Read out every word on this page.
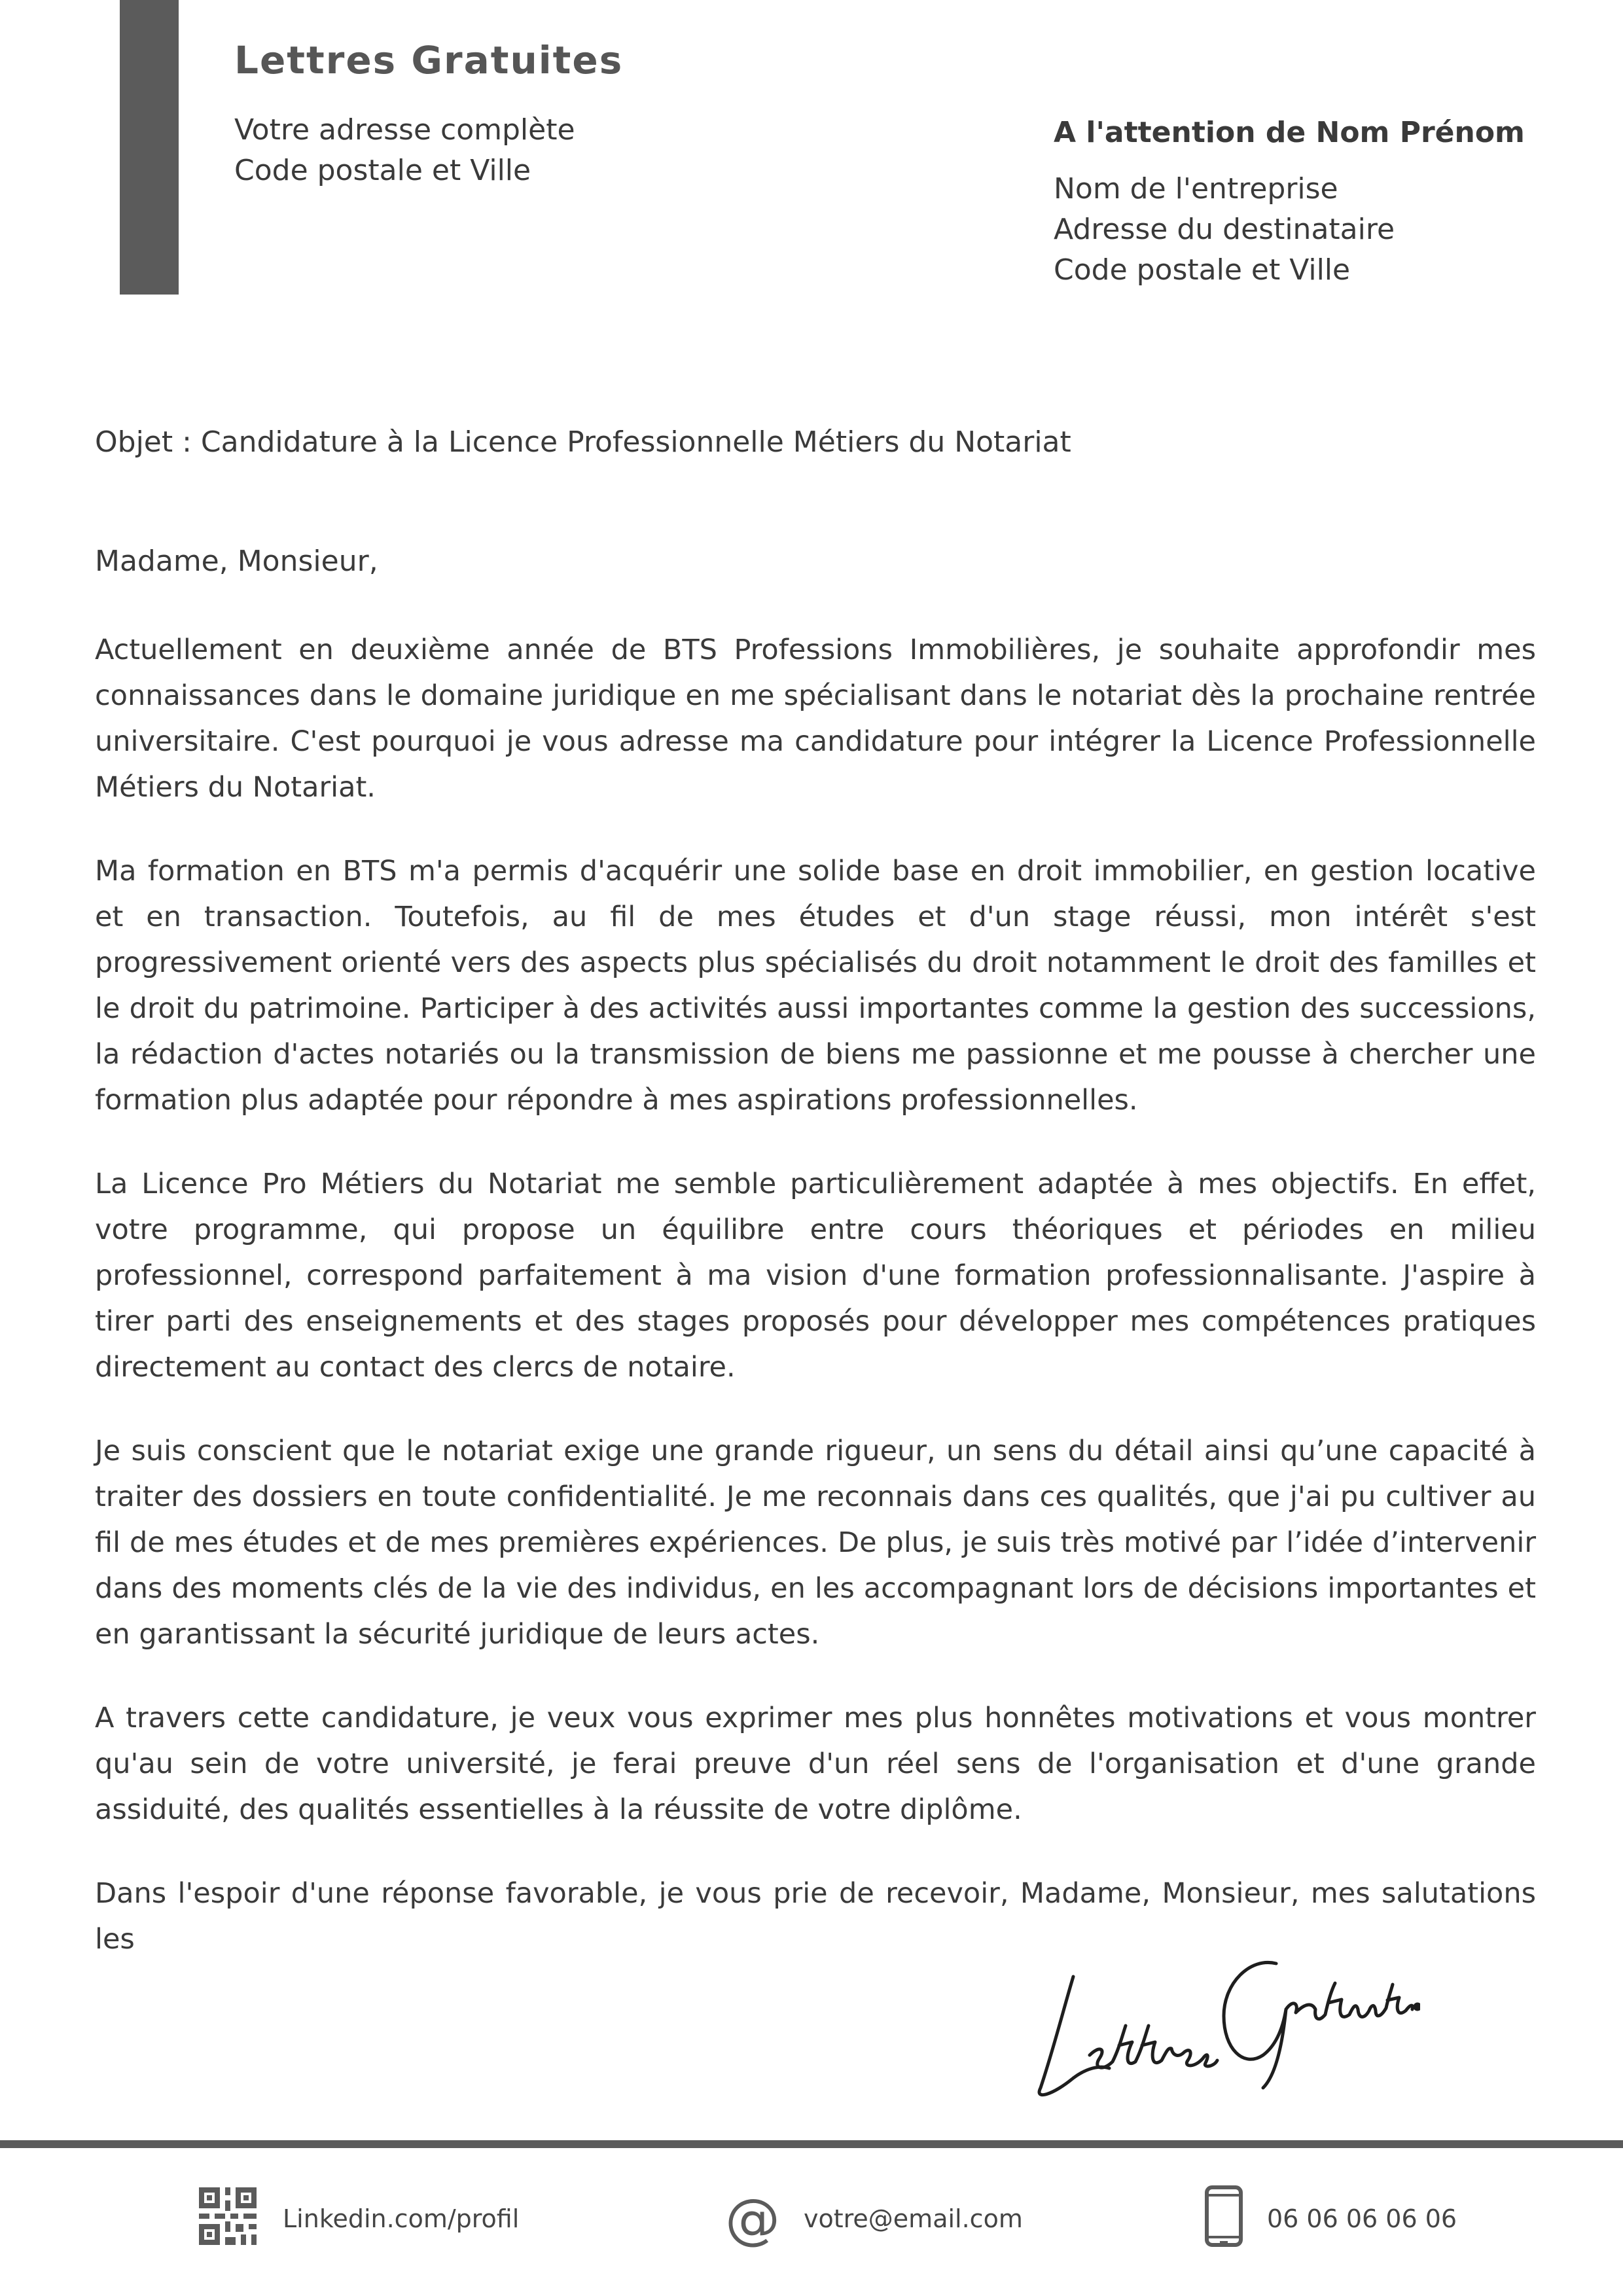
Lettres Gratuites
Votre adresse complète
Code postale et Ville
A l'attention de Nom Prénom
Nom de l'entreprise
Adresse du destinataire
Code postale et Ville
Objet : Candidature à la Licence Professionnelle Métiers du Notariat
Madame, Monsieur,

Actuellement en deuxième année de BTS Professions Immobilières, je souhaite approfondir mes connaissances dans le domaine juridique en me spécialisant dans le notariat dès la prochaine rentrée universitaire. C'est pourquoi je vous adresse ma candidature pour intégrer la Licence Professionnelle Métiers du Notariat.

Ma formation en BTS m'a permis d'acquérir une solide base en droit immobilier, en gestion locative et en transaction. Toutefois, au fil de mes études et d'un stage réussi, mon intérêt s'est progressivement orienté vers des aspects plus spécialisés du droit notamment le droit des familles et le droit du patrimoine. Participer à des activités aussi importantes comme la gestion des successions, la rédaction d'actes notariés ou la transmission de biens me passionne et me pousse à chercher une formation plus adaptée pour répondre à mes aspirations professionnelles.

La Licence Pro Métiers du Notariat me semble particulièrement adaptée à mes objectifs. En effet, votre programme, qui propose un équilibre entre cours théoriques et périodes en milieu professionnel, correspond parfaitement à ma vision d'une formation professionnalisante. J'aspire à tirer parti des enseignements et des stages proposés pour développer mes compétences pratiques directement au contact des clercs de notaire.

Je suis conscient que le notariat exige une grande rigueur, un sens du détail ainsi qu’une capacité à traiter des dossiers en toute confidentialité. Je me reconnais dans ces qualités, que j'ai pu cultiver au fil de mes études et de mes premières expériences. De plus, je suis très motivé par l’idée d’intervenir dans des moments clés de la vie des individus, en les accompagnant lors de décisions importantes et en garantissant la sécurité juridique de leurs actes.

A travers cette candidature, je veux vous exprimer mes plus honnêtes motivations et vous montrer qu'au sein de votre université, je ferai preuve d'un réel sens de l'organisation et d'une grande assiduité, des qualités essentielles à la réussite de votre diplôme.

Dans l'espoir d'une réponse favorable, je vous prie de recevoir, Madame, Monsieur, mes salutations les

Linkedin.com/profil	@ votre@email.com	06 06 06 06 06
